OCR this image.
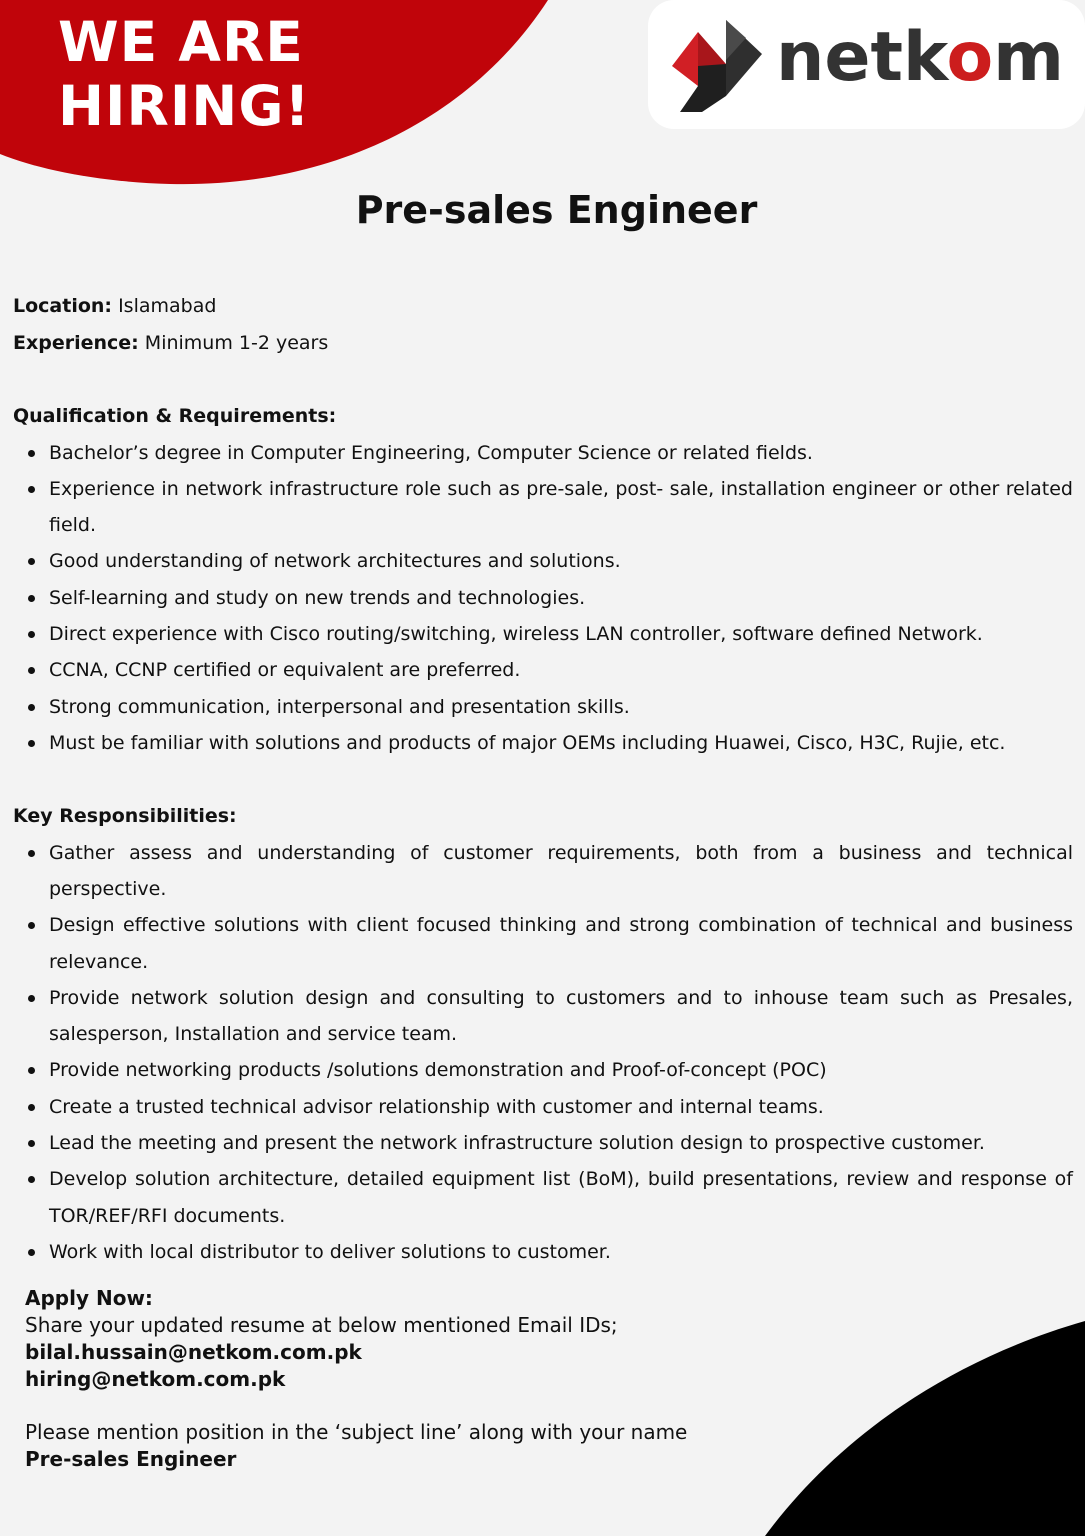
WE ARE
HIRING!
netkom
Pre-sales Engineer
Location: Islamabad
Experience: Minimum 1-2 years
Qualification & Requirements:
Bachelor’s degree in Computer Engineering, Computer Science or related fields.
Experience in network infrastructure role such as pre-sale, post- sale, installation engineer or other related field.
Good understanding of network architectures and solutions.
Self-learning and study on new trends and technologies.
Direct experience with Cisco routing/switching, wireless LAN controller, software defined Network.
CCNA, CCNP certified or equivalent are preferred.
Strong communication, interpersonal and presentation skills.
Must be familiar with solutions and products of major OEMs including Huawei, Cisco, H3C, Rujie, etc.
Key Responsibilities:
Gather assess and understanding of customer requirements, both from a business and technical perspective.
Design effective solutions with client focused thinking and strong combination of technical and business relevance.
Provide network solution design and consulting to customers and to inhouse team such as Presales, salesperson, Installation and service team.
Provide networking products /solutions demonstration and Proof-of-concept (POC)
Create a trusted technical advisor relationship with customer and internal teams.
Lead the meeting and present the network infrastructure solution design to prospective customer.
Develop solution architecture, detailed equipment list (BoM), build presentations, review and response of TOR/REF/RFI documents.
Work with local distributor to deliver solutions to customer.
Apply Now:
Share your updated resume at below mentioned Email IDs;
bilal.hussain@netkom.com.pk
hiring@netkom.com.pk
Please mention position in the ‘subject line’ along with your name
Pre-sales Engineer
